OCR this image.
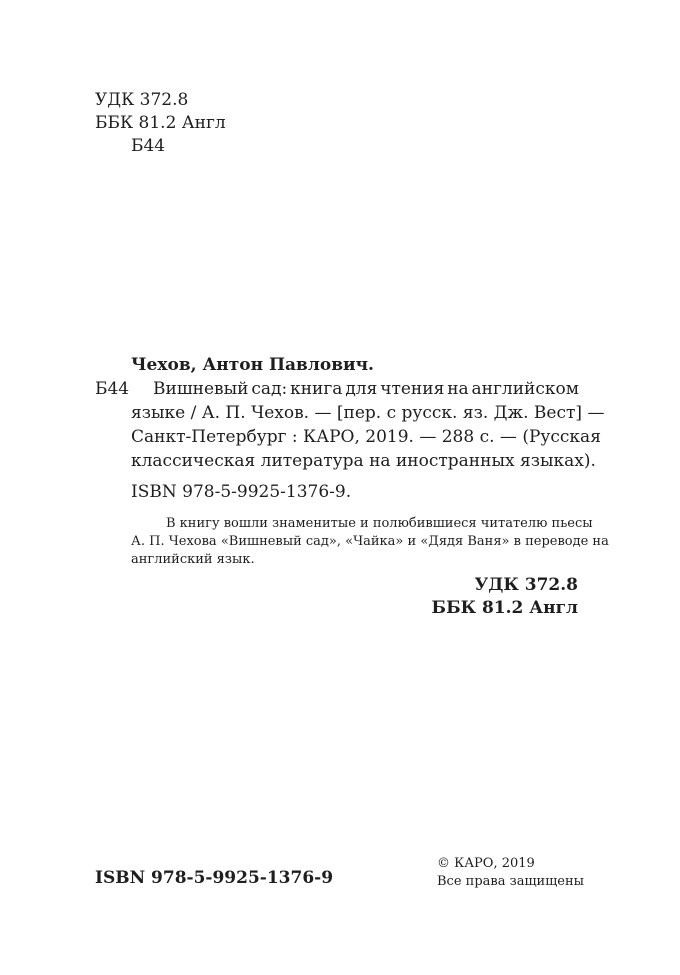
УДК 372.8
ББК 81.2 Англ
Б44
Чехов, Антон Павлович.
Б44 Вишневый сад: книга для чтения на английском
языке / А. П. Чехов. — [пер. с русск. яз. Дж. Вест] —
Санкт-Петербург : КАРО, 2019. — 288 с. — (Русская
классическая литература на иностранных языках).
ISBN 978-5-9925-1376-9.
В книгу вошли знаменитые и полюбившиеся читателю пьесы
А. П. Чехова «Вишневый сад», «Чайка» и «Дядя Ваня» в переводе на
английский язык.
УДК 372.8
ББК 81.2 Англ
ISBN 978-5-9925-1376-9
© КАРО, 2019
Все права защищены
